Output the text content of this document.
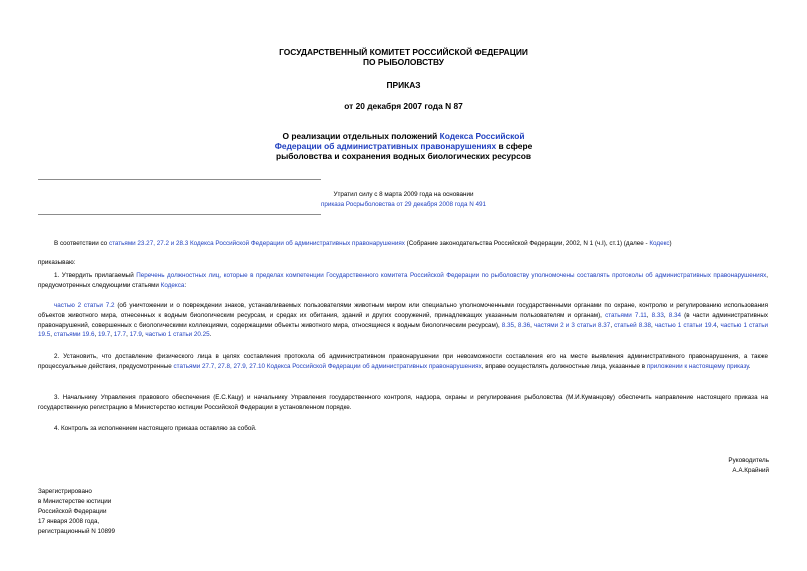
ГОСУДАРСТВЕННЫЙ КОМИТЕТ РОССИЙСКОЙ ФЕДЕРАЦИИ
ПО РЫБОЛОВСТВУ
ПРИКАЗ
от 20 декабря 2007 года N 87
О реализации отдельных положений Кодекса Российской Федерации об административных правонарушениях в сфере рыболовства и сохранения водных биологических ресурсов
Утратил силу с 8 марта 2009 года на основании
приказа Росрыболовства от 29 декабря 2008 года N 491
В соответствии со статьями 23.27, 27.2 и 28.3 Кодекса Российской Федерации об административных правонарушениях (Собрание законодательства Российской Федерации, 2002, N 1 (ч.I), ст.1) (далее - Кодекс)
приказываю:
1. Утвердить прилагаемый Перечень должностных лиц, которые в пределах компетенции Государственного комитета Российской Федерации по рыболовству уполномочены составлять протоколы об административных правонарушениях, предусмотренных следующими статьями Кодекса:
частью 2 статьи 7.2 (об уничтожении и о повреждении знаков, устанавливаемых пользователями животным миром или специально уполномоченными государственными органами по охране, контролю и регулированию использования объектов животного мира, отнесенных к водным биологическим ресурсам, и средах их обитания, зданий и других сооружений, принадлежащих указанным пользователям и органам), статьями 7.11, 8.33, 8.34 (в части административных правонарушений, совершенных с биологическими коллекциями, содержащими объекты животного мира, относящиеся к водным биологическим ресурсам), 8.35, 8.36, частями 2 и 3 статьи 8.37, статьей 8.38, частью 1 статьи 19.4, частью 1 статьи 19.5, статьями 19.6, 19.7, 17.7, 17.9, частью 1 статьи 20.25.
2. Установить, что доставление физического лица в целях составления протокола об административном правонарушении при невозможности составления его на месте выявления административного правонарушения, а также процессуальные действия, предусмотренные статьями 27.7, 27.8, 27.9, 27.10 Кодекса Российской Федерации об административных правонарушениях, вправе осуществлять должностные лица, указанные в приложении к настоящему приказу.
3. Начальнику Управления правового обеспечения (Е.С.Кацу) и начальнику Управления государственного контроля, надзора, охраны и регулирования рыболовства (М.И.Куманцову) обеспечить направление настоящего приказа на государственную регистрацию в Министерство юстиции Российской Федерации в установленном порядке.
4. Контроль за исполнением настоящего приказа оставляю за собой.
Руководитель
А.А.Крайний
Зарегистрировано
в Министерстве юстиции
Российской Федерации
17 января 2008 года,
регистрационный N 10899
